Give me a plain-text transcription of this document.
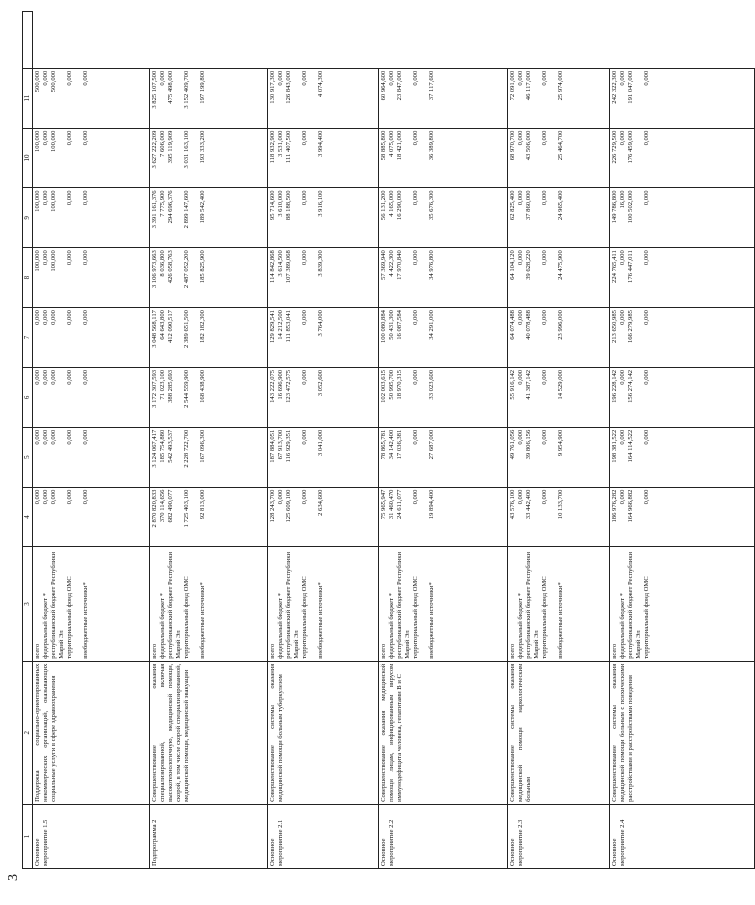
3
1	2	3	4	5	6	7	8	9	10	11	
Основное мероприятие 1.5	Поддержка социально-ориентированных некоммерческих организаций, оказывающих социальные услуги в сфере здравоохранения	всего федеральный бюджет * республиканский бюджет Республики Марий Эл территориальный фонд ОМС внебюджетные источники*	0,000 0,000 0,000 0,000 0,000	0,000 0,000 0,000 0,000 0,000	0,000 0,000 0,000 0,000 0,000	0,000 0,000 0,000 0,000 0,000	100,000 0,000 100,000 0,000 0,000	100,000 0,000 100,000 0,000 0,000	100,000 0,000 100,000 0,000 0,000	500,000 0,000 500,000 0,000 0,000	

Подпрограмма 2	Совершенствование оказания специализированной, включая высокотехнологичную, медицинской помощи, скорой, в том числе скорой специализированной, медицинской помощи, медицинской эвакуации	всего федеральный бюджет * республиканский бюджет Республики Марий Эл территориальный фонд ОМС внебюджетные источники*	2 870 820,833 370 114,656 682 490,077 1 725 403,100 92 813,000	3 124 067,417 185 754,880 542 493,537 2 228 722,700 167 096,300	3 172 307,593 71 023,100 388 285,693 2 544 559,900 168 438,900	3 048 568,117 64 643,800 412 090,517 2 389 651,500 182 182,300	3 106 973,663 8 036,800 426 058,763 2 487 052,200 185 825,900	3 391 161,376 7 775,900 294 696,376 2 899 147,600 189 542,400	3 627 222,209 7 606,000 395 119,909 3 031 163,100 193 333,200	3 825 107,500 0,000 475 498,000 3 152 409,700 197 199,800	

Основное мероприятие 2.1	Совершенствование системы оказания медицинской помощи больным туберкулезом	всего федеральный бюджет * республиканский бюджет Республики Марий Эл территориальный фонд ОМС внебюджетные источники*	128 243,700 0,000 125 609,100 0,000 2 634,600	187 884,051 67 913,700 116 929,351 0,000 3 041,000	143 222,075 16 696,900 123 472,575 0,000 3 052,600	129 829,541 14 212,500 111 853,041 0,000 3 764,000	114 842,868 3 614,500 107 389,068 0,000 3 839,300	95 714,600 3 610,000 88 188,500 0,000 3 916,100	118 932,900 3 531,000 111 407,500 0,000 3 994,400	130 917,300 0,000 126 843,000 0,000 4 074,300	

Основное мероприятие 2.2	Совершенствование оказания медицинской помощи лицам, инфицированным вирусом иммунодефицита человека, гепатитами B и C	всего федеральный бюджет * республиканский бюджет Республики Марий Эл территориальный фонд ОМС внебюджетные источники*	75 965,947 31 460,470 24 611,077 0,000 19 894,400	78 865,781 34 142,400 17 036,381 0,000 27 687,000	102 003,615 50 995,700 18 970,315 0,000 33 023,600	100 080,884 50 431,300 16 087,584 0,000 34 291,000	57 369,940 4 422,300 17 970,840 0,000 34 976,800	56 131,200 4 165,000 16 290,000 0,000 35 676,300	58 885,800 4 075,000 18 421,000 0,000 36 389,800	60 964,600 0,000 23 847,000 0,000 37 117,600	

Основное мероприятие 2.3	Совершенствование системы оказания медицинской помощи наркологическим больным	всего федеральный бюджет * республиканский бюджет Республики Марий Эл территориальный фонд ОМС внебюджетные источники*	43 576,100 0,000 33 442,400 0,000 10 133,700	49 761,056 0,000 39 806,156 0,000 9 954,900	55 916,142 0,000 41 387,142 0,000 14 529,000	64 074,488 0,000 40 078,488 0,000 23 996,000	64 104,120 0,000 39 628,220 0,000 24 475,900	62 825,400 0,000 37 860,000 0,000 24 965,400	68 970,700 0,000 43 506,000 0,000 25 464,700	72 091,000 0,000 46 117,000 0,000 25 974,000	

Основное мероприятие 2.4	Совершенствование системы оказания медицинской помощи больным с психическими расстройствами и расстройствами поведения	всего федеральный бюджет * республиканский бюджет Республики Марий Эл территориальный фонд ОМС	186 976,282 0,000 164 966,882 0,000	198 381,522 0,000 164 114,522 0,000	196 228,142 0,000 156 274,142 0,000	213 650,985 0,000 166 279,985 0,000	224 765,411 0,000 176 447,011 0,000	149 786,800 16,000 100 502,000 0,000	226 729,500 0,000 176 459,000 0,000	242 322,300 0,000 191 047,000 0,000	
